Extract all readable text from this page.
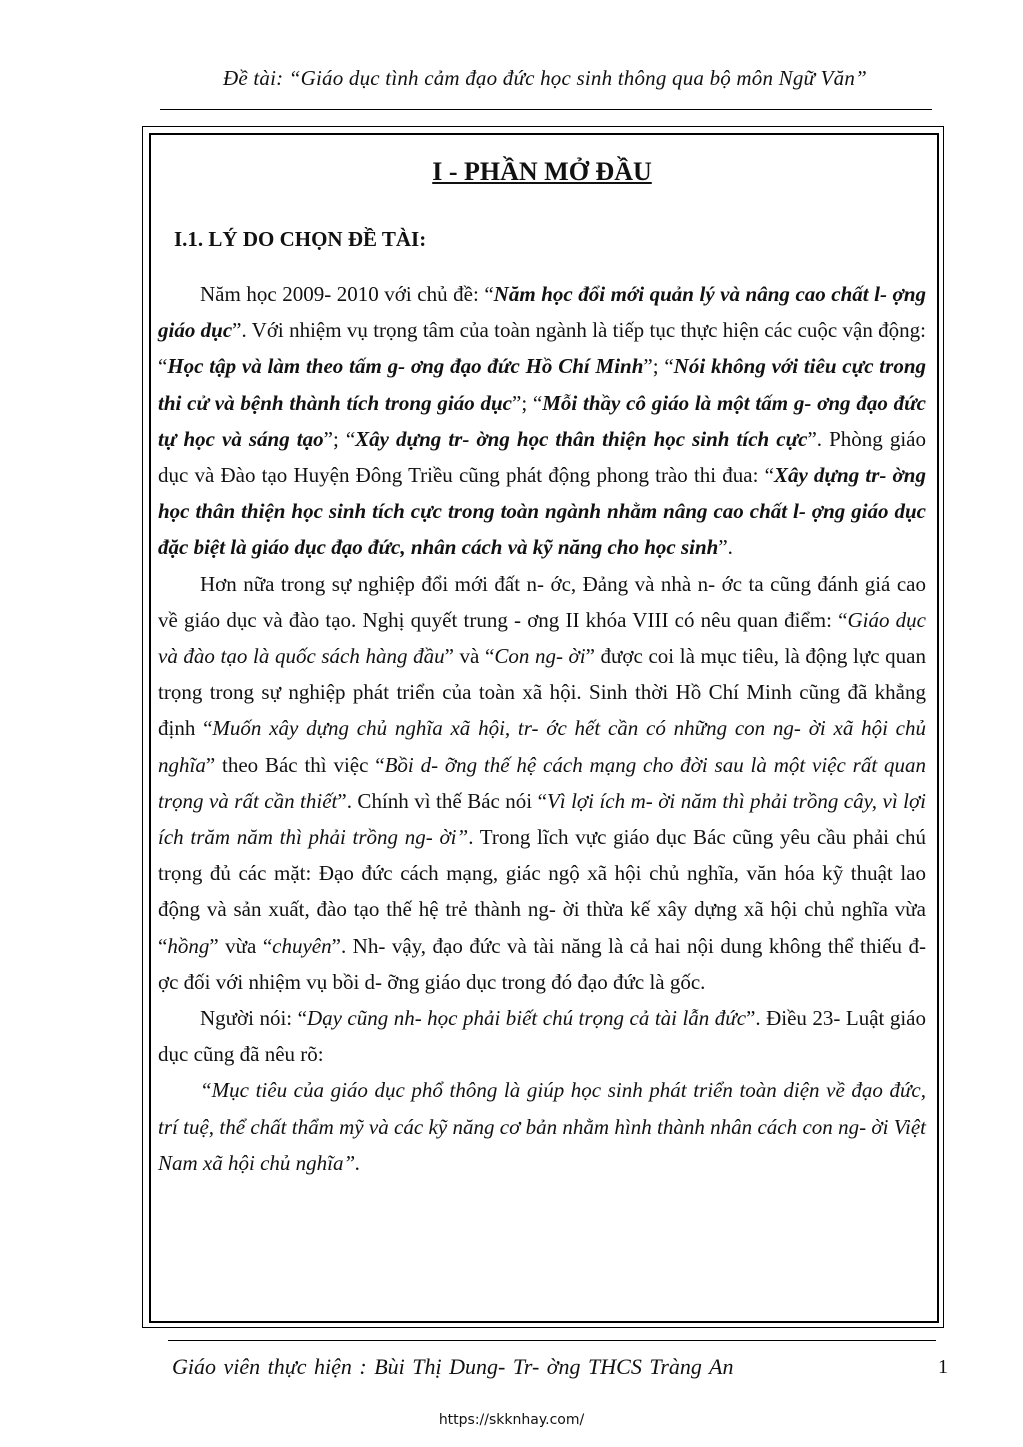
Đề tài: “Giáo dục tình cảm đạo đức học sinh thông qua bộ môn Ngữ Văn”
I - PHẦN MỞ ĐẦU
I.1. LÝ DO CHỌN ĐỀ TÀI:

Năm học 2009- 2010 với chủ đề: “Năm học đổi mới quản lý và nâng cao chất l- ợng giáo dục”. Với nhiệm vụ trọng tâm của toàn ngành là tiếp tục thực hiện các cuộc vận động: “Học tập và làm theo tấm g- ơng đạo đức Hồ Chí Minh”; “Nói không với tiêu cực trong thi cử và bệnh thành tích trong giáo dục”; “Mỗi thầy cô giáo là một tấm g- ơng đạo đức tự học và sáng tạo”; “Xây dựng tr- ờng học thân thiện học sinh tích cực”. Phòng giáo dục và Đào tạo Huyện Đông Triều cũng phát động phong trào thi đua: “Xây dựng tr- ờng học thân thiện học sinh tích cực trong toàn ngành nhằm nâng cao chất l- ợng giáo dục đặc biệt là giáo dục đạo đức, nhân cách và kỹ năng cho học sinh”.

Hơn nữa trong sự nghiệp đổi mới đất n- ớc, Đảng và nhà n- ớc ta cũng đánh giá cao về giáo dục và đào tạo. Nghị quyết trung - ơng II khóa VIII có nêu quan điểm: “Giáo dục và đào tạo là quốc sách hàng đầu” và “Con ng- ời” được coi là mục tiêu, là động lực quan trọng trong sự nghiệp phát triển của toàn xã hội. Sinh thời Hồ Chí Minh cũng đã khẳng định “Muốn xây dựng chủ nghĩa xã hội, tr- ớc hết cần có những con ng- ời xã hội chủ nghĩa” theo Bác thì việc “Bồi d- ỡng thế hệ cách mạng cho đời sau là một việc rất quan trọng và rất cần thiết”. Chính vì thế Bác nói “Vì lợi ích m- ời năm thì phải trồng cây, vì lợi ích trăm năm thì phải trồng ng- ời”. Trong lĩch vực giáo dục Bác cũng yêu cầu phải chú trọng đủ các mặt: Đạo đức cách mạng, giác ngộ xã hội chủ nghĩa, văn hóa kỹ thuật lao động và sản xuất, đào tạo thế hệ trẻ thành ng- ời thừa kế xây dựng xã hội chủ nghĩa vừa “hồng” vừa “chuyên”. Nh- vậy, đạo đức và tài năng là cả hai nội dung không thể thiếu đ- ợc đối với nhiệm vụ bồi d- ỡng giáo dục trong đó đạo đức là gốc.

Người nói: “Dạy cũng nh- học phải biết chú trọng cả tài lẫn đức”. Điều 23- Luật giáo dục cũng đã nêu rõ:

“Mục tiêu của giáo dục phổ thông là giúp học sinh phát triển toàn diện về đạo đức, trí tuệ, thể chất thẩm mỹ và các kỹ năng cơ bản nhằm hình thành nhân cách con ng- ời Việt Nam xã hội chủ nghĩa”.

Giáo viên thực hiện : Bùi Thị Dung- Tr- ờng THCS Tràng An	1
https://skknhay.com/
